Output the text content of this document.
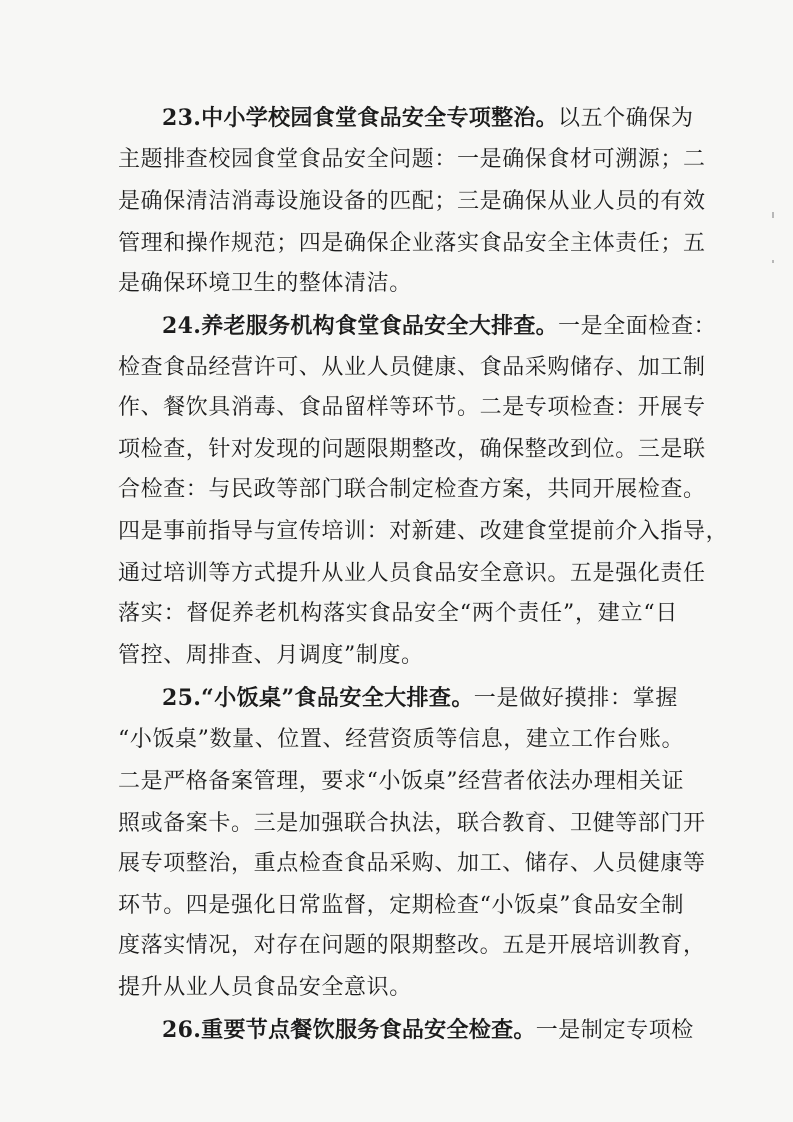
23.中小学校园食堂食品安全专项整治。以五个确保为
主题排查校园食堂食品安全问题：一是确保食材可溯源；二
是确保清洁消毒设施设备的匹配；三是确保从业人员的有效
管理和操作规范；四是确保企业落实食品安全主体责任；五
是确保环境卫生的整体清洁。
24.养老服务机构食堂食品安全大排查。一是全面检查：
检查食品经营许可、从业人员健康、食品采购储存、加工制
作、餐饮具消毒、食品留样等环节。二是专项检查：开展专
项检查，针对发现的问题限期整改，确保整改到位。三是联
合检查：与民政等部门联合制定检查方案，共同开展检查。
四是事前指导与宣传培训：对新建、改建食堂提前介入指导，
通过培训等方式提升从业人员食品安全意识。五是强化责任
落实：督促养老机构落实食品安全“两个责任”，建立“日
管控、周排查、月调度”制度。
25.“小饭桌”食品安全大排查。一是做好摸排：掌握
“小饭桌”数量、位置、经营资质等信息，建立工作台账。
二是严格备案管理，要求“小饭桌”经营者依法办理相关证
照或备案卡。三是加强联合执法，联合教育、卫健等部门开
展专项整治，重点检查食品采购、加工、储存、人员健康等
环节。四是强化日常监督，定期检查“小饭桌”食品安全制
度落实情况，对存在问题的限期整改。五是开展培训教育，
提升从业人员食品安全意识。
26.重要节点餐饮服务食品安全检查。一是制定专项检
